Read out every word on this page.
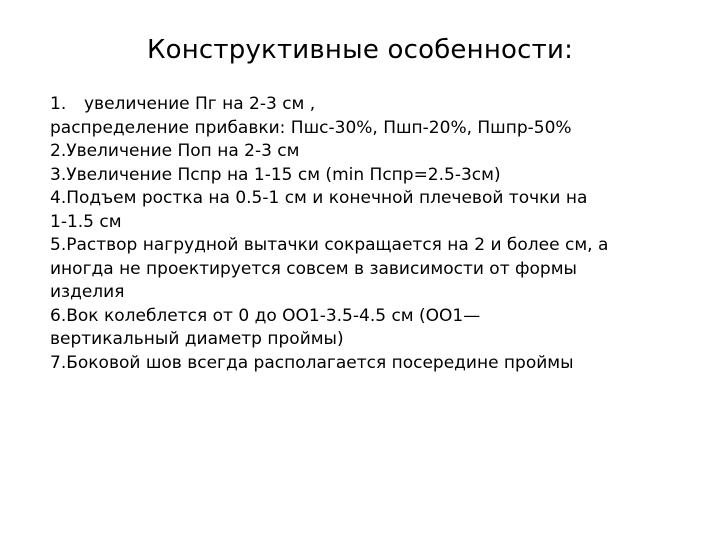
Конструктивные особенности:
1. увеличение Пг на 2-3 см ,
распределение прибавки: Пшс-30%, Пшп-20%, Пшпр-50%
2.Увеличение Поп на 2-3 см
3.Увеличение Пспр на 1-15 см (min Пспр=2.5-3см)
4.Подъем ростка на 0.5-1 см и конечной плечевой точки на
1-1.5 см
5.Раствор нагрудной вытачки сокращается на 2 и более см, а
иногда не проектируется совсем в зависимости от формы
изделия
6.Вок колеблется от 0 до ОО1-3.5-4.5 см (ОО1—
вертикальный диаметр проймы)
7.Боковой шов всегда располагается посередине проймы
